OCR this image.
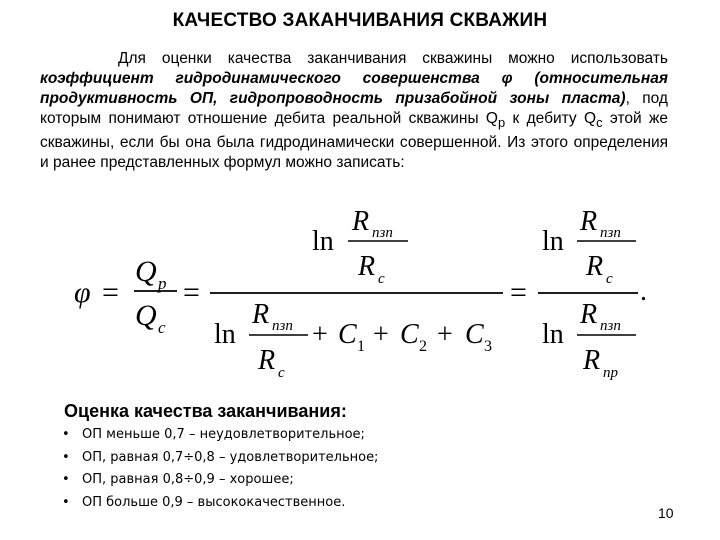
КАЧЕСТВО ЗАКАНЧИВАНИЯ СКВАЖИН
Для оценки качества заканчивания скважины можно использовать коэффициент гидродинамического совершенства φ (относительная продуктивность ОП, гидропроводность призабойной зоны пласта), под которым понимают отношение дебита реальной скважины $Q_р$ к дебиту $Q_с$ этой же скважины, если бы она была гидродинамически совершенной. Из этого определения и ранее представленных формул можно записать:
φ =
Q p
Q c
=
ln
R пзп
R c
ln
R пзп
R c
+ C 1 + C 2 + C 3
=
ln
R пзп
R c
ln
R пзп
R пр
.
Оценка качества заканчивания:
• ОП меньше 0,7 – неудовлетворительное;
• ОП, равная 0,7÷0,8 – удовлетворительное;
• ОП, равная 0,8÷0,9 – хорошее;
• ОП больше 0,9 – высококачественное.
10
